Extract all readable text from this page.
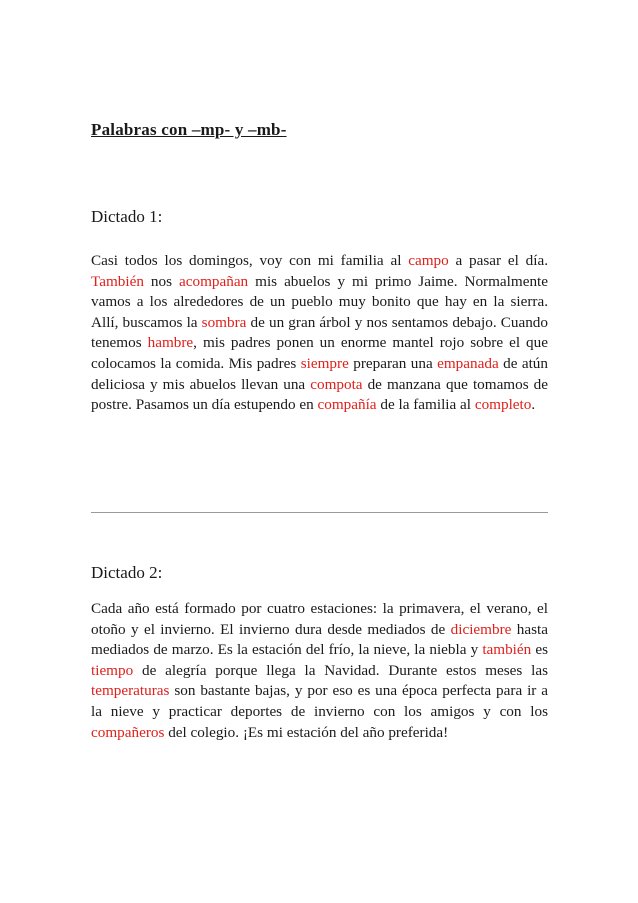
Palabras con –mp- y –mb-
Dictado 1:

Casi todos los domingos, voy con mi familia al campo a pasar el día. También nos acompañan mis abuelos y mi primo Jaime. Normalmente vamos a los alrededores de un pueblo muy bonito que hay en la sierra. Allí, buscamos la sombra de un gran árbol y nos sentamos debajo. Cuando tenemos hambre, mis padres ponen un enorme mantel rojo sobre el que colocamos la comida. Mis padres siempre preparan una empanada de atún deliciosa y mis abuelos llevan una compota de manzana que tomamos de postre. Pasamos un día estupendo en compañía de la familia al completo.

Dictado 2:

Cada año está formado por cuatro estaciones: la primavera, el verano, el otoño y el invierno. El invierno dura desde mediados de diciembre hasta mediados de marzo. Es la estación del frío, la nieve, la niebla y también es tiempo de alegría porque llega la Navidad. Durante estos meses las temperaturas son bastante bajas, y por eso es una época perfecta para ir a la nieve y practicar deportes de invierno con los amigos y con los compañeros del colegio. ¡Es mi estación del año preferida!
